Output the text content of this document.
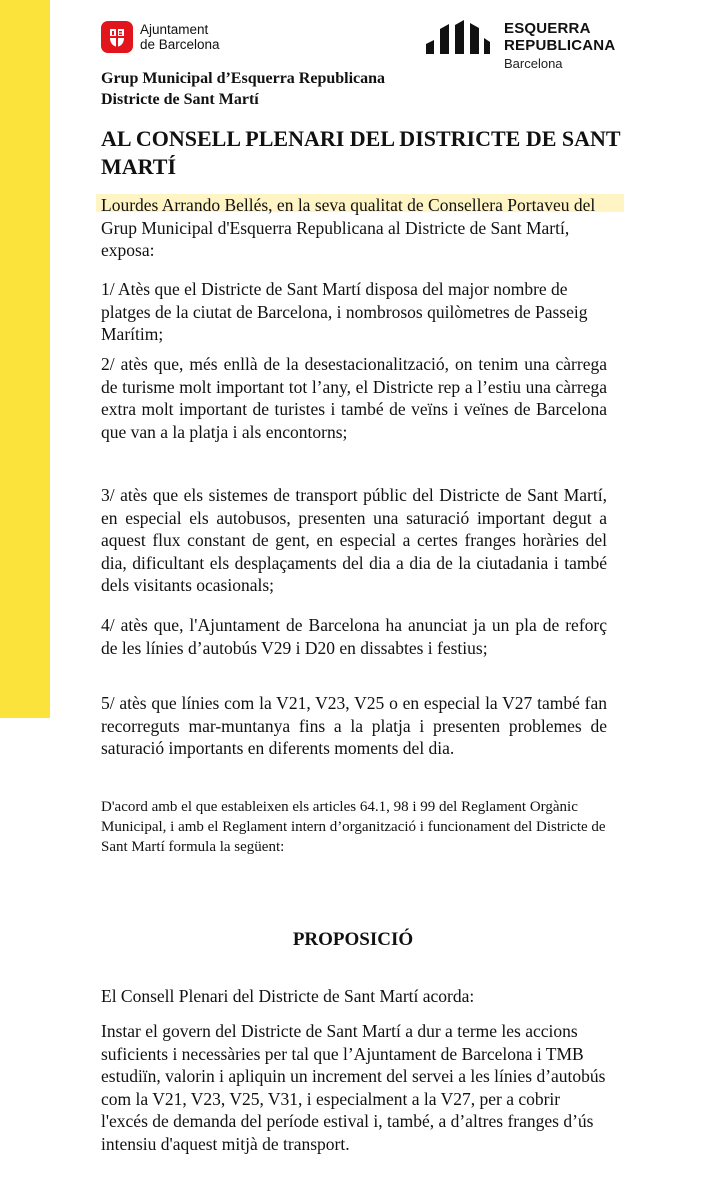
Ajuntament
de Barcelona
ESQUERRA
REPUBLICANA
Barcelona
Grup Municipal d’Esquerra Republicana
Districte de Sant Martí
AL CONSELL PLENARI DEL DISTRICTE DE SANT MARTÍ

Lourdes Arrando Bellés, en la seva qualitat de Consellera Portaveu del Grup Municipal d'Esquerra Republicana al Districte de Sant Martí, exposa:

1/ Atès que el Districte de Sant Martí disposa del major nombre de platges de la ciutat de Barcelona, i nombrosos quilòmetres de Passeig Marítim;

2/ atès que, més enllà de la desestacionalització, on tenim una càrrega de turisme molt important tot l’any, el Districte rep a l’estiu una càrrega extra molt important de turistes i també de veïns i veïnes de Barcelona que van a la platja i als encontorns;

3/ atès que els sistemes de transport públic del Districte de Sant Martí, en especial els autobusos, presenten una saturació important degut a aquest flux constant de gent, en especial a certes franges horàries del dia, dificultant els desplaçaments del dia a dia de la ciutadania i també dels visitants ocasionals;

4/ atès que, l'Ajuntament de Barcelona ha anunciat ja un pla de reforç de les línies d’autobús V29 i D20 en dissabtes i festius;

5/ atès que línies com la V21, V23, V25 o en especial la V27 també fan recorreguts mar-muntanya fins a la platja i presenten problemes de saturació importants en diferents moments del dia.

D'acord amb el que estableixen els articles 64.1, 98 i 99 del Reglament Orgànic Municipal, i amb el Reglament intern d’organització i funcionament del Districte de Sant Martí formula la següent:

PROPOSICIÓ

El Consell Plenari del Districte de Sant Martí acorda:

Instar el govern del Districte de Sant Martí a dur a terme les accions suficients i necessàries per tal que l’Ajuntament de Barcelona i TMB estudiïn, valorin i apliquin un increment del servei a les línies d’autobús com la V21, V23, V25, V31, i especialment a la V27, per a cobrir l'excés de demanda del període estival i, també, a d’altres franges d’ús intensiu d'aquest mitjà de transport.
